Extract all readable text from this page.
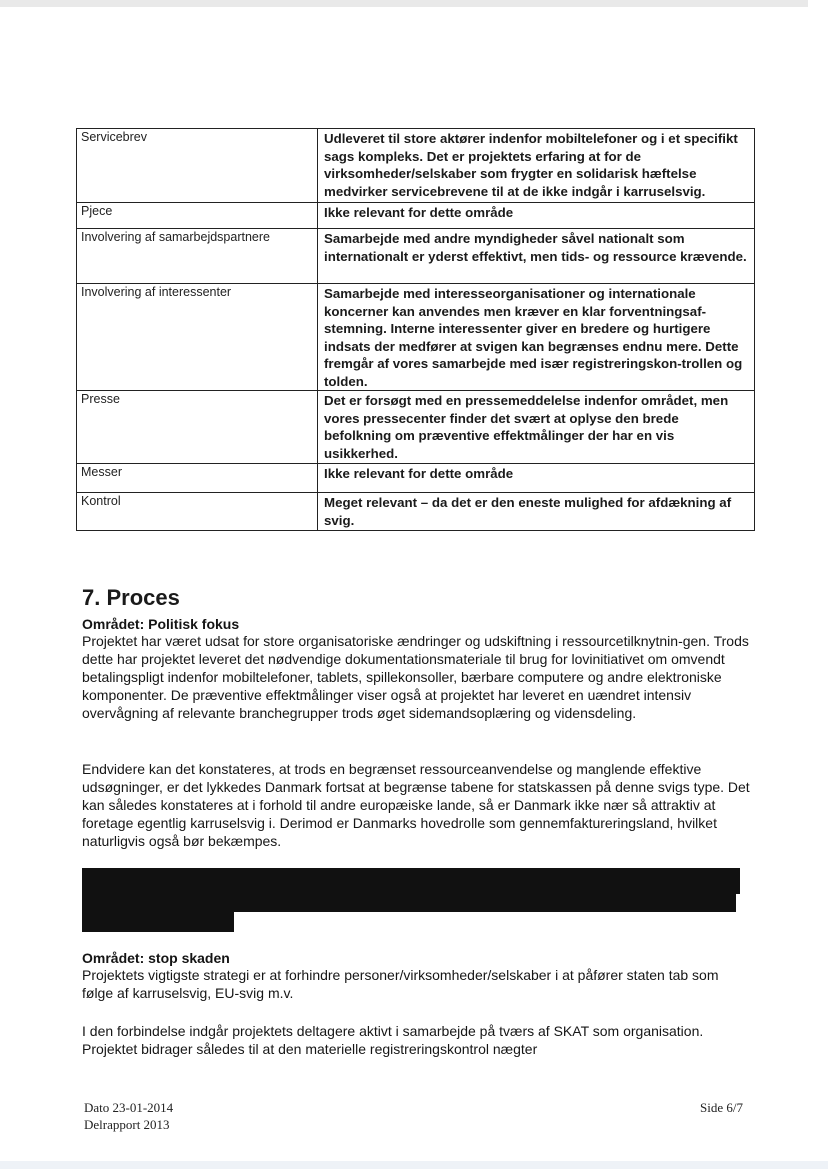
Servicebrev	Udleveret til store aktører indenfor mobiltelefoner og i et specifikt sags kompleks. Det er projektets erfaring at for de virksomheder/selskaber som frygter en solidarisk hæftelse medvirker servicebrevene til at de ikke indgår i karruselsvig.
Pjece	Ikke relevant for dette område
Involvering af samarbejdspartnere	Samarbejde med andre myndigheder såvel nationalt som internationalt er yderst effektivt, men tids- og ressource krævende.
Involvering af interessenter	Samarbejde med interesseorganisationer og internationale koncerner kan anvendes men kræver en klar forventningsaf-stemning. Interne interessenter giver en bredere og hurtigere indsats der medfører at svigen kan begrænses endnu mere. Dette fremgår af vores samarbejde med især registreringskon-trollen og tolden.
Presse	Det er forsøgt med en pressemeddelelse indenfor området, men vores pressecenter finder det svært at oplyse den brede befolkning om præventive effektmålinger der har en vis usikkerhed.
Messer	Ikke relevant for dette område
Kontrol	Meget relevant – da det er den eneste mulighed for afdækning af svig.
7. Proces
Området: Politisk fokus

Projektet har været udsat for store organisatoriske ændringer og udskiftning i ressourcetilknytnin-gen. Trods dette har projektet leveret det nødvendige dokumentationsmateriale til brug for lovinitiativet om omvendt betalingspligt indenfor mobiltelefoner, tablets, spillekonsoller, bærbare computere og andre elektroniske komponenter. De præventive effektmålinger viser også at projektet har leveret en uændret intensiv overvågning af relevante branchegrupper trods øget sidemandsoplæring og vidensdeling.

Endvidere kan det konstateres, at trods en begrænset ressourceanvendelse og manglende effektive udsøgninger, er det lykkedes Danmark fortsat at begrænse tabene for statskassen på denne svigs type. Det kan således konstateres at i forhold til andre europæiske lande, så er Danmark ikke nær så attraktiv at foretage egentlig karruselsvig i. Derimod er Danmarks hovedrolle som gennemfaktureringsland, hvilket naturligvis også bør bekæmpes.

Området: stop skaden

Projektets vigtigste strategi er at forhindre personer/virksomheder/selskaber i at påfører staten tab som følge af karruselsvig, EU-svig m.v.

I den forbindelse indgår projektets deltagere aktivt i samarbejde på tværs af SKAT som organisation. Projektet bidrager således til at den materielle registreringskontrol nægter

Dato 23-01-2014
Delrapport 2013
Side 6/7
